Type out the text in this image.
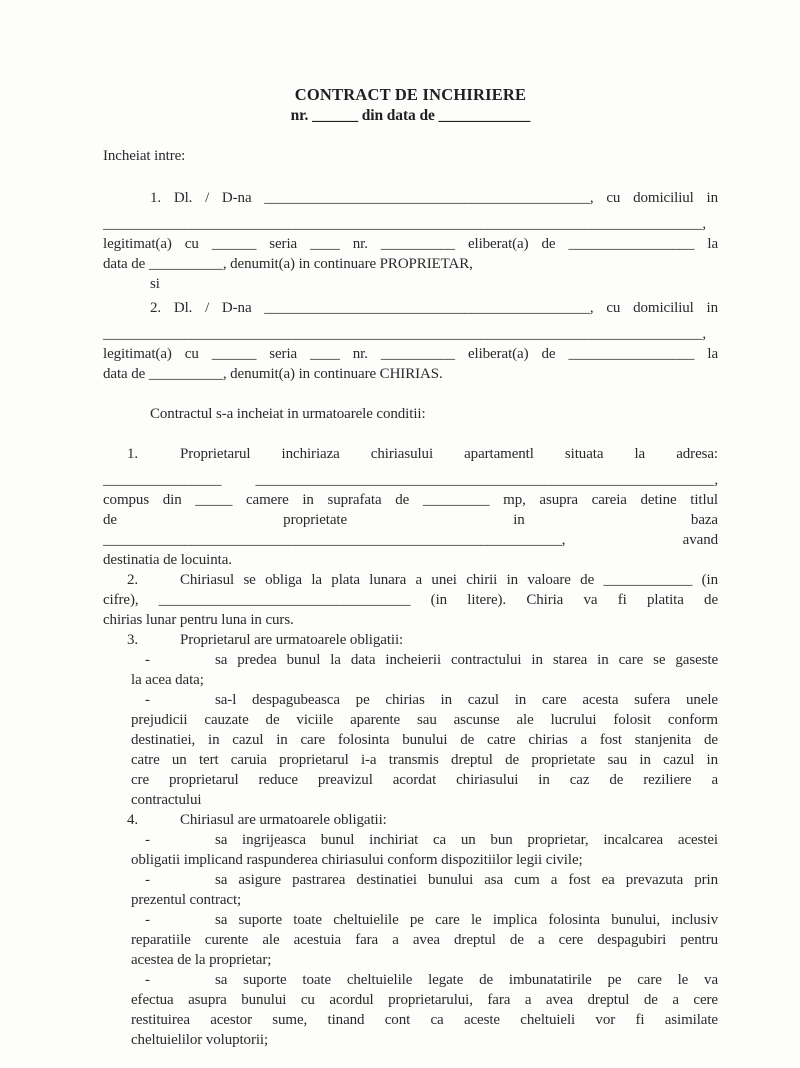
CONTRACT DE INCHIRIERE
nr. ______ din data de ____________
Incheiat intre:
1. Dl. / D-na ____________________________________________, cu domiciliul in
_________________________________________________________________________________,
legitimat(a) cu ______ seria ____ nr. __________ eliberat(a) de _________________ la
data de __________, denumit(a) in continuare PROPRIETAR,
si
2. Dl. / D-na ____________________________________________, cu domiciliul in
_________________________________________________________________________________,
legitimat(a) cu ______ seria ____ nr. __________ eliberat(a) de _________________ la
data de __________, denumit(a) in continuare CHIRIAS.
Contractul s-a incheiat in urmatoarele conditii:
1.	Proprietarul inchiriaza chiriasului apartamentl situata la adresa:
________________ ______________________________________________________________,
compus din _____ camere in suprafata de _________ mp, asupra careia detine titlul
de proprietate in baza
______________________________________________________________, avand
destinatia de locuinta.
2.	Chiriasul se obliga la plata lunara a unei chirii in valoare de ____________ (in
cifre), __________________________________ (in litere). Chiria va fi platita de
chirias lunar pentru luna in curs.
3.	Proprietarul are urmatoarele obligatii:
-	sa predea bunul la data incheierii contractului in starea in care se gaseste
la acea data;
-	sa-l despagubeasca pe chirias in cazul in care acesta sufera unele
prejudicii cauzate de viciile aparente sau ascunse ale lucrului folosit conform
destinatiei, in cazul in care folosinta bunului de catre chirias a fost stanjenita de
catre un tert caruia proprietarul i-a transmis dreptul de proprietate sau in cazul in
cre proprietarul reduce preavizul acordat chiriasului in caz de reziliere a
contractului
4.	Chiriasul are urmatoarele obligatii:
-	sa ingrijeasca bunul inchiriat ca un bun proprietar, incalcarea acestei
obligatii implicand raspunderea chiriasului conform dispozitiilor legii civile;
-	sa asigure pastrarea destinatiei bunului asa cum a fost ea prevazuta prin
prezentul contract;
-	sa suporte toate cheltuielile pe care le implica folosinta bunului, inclusiv
reparatiile curente ale acestuia fara a avea dreptul de a cere despagubiri pentru
acestea de la proprietar;
-	sa suporte toate cheltuielile legate de imbunatatirile pe care le va
efectua asupra bunului cu acordul proprietarului, fara a avea dreptul de a cere
restituirea acestor sume, tinand cont ca aceste cheltuieli vor fi asimilate
cheltuielilor voluptorii;
